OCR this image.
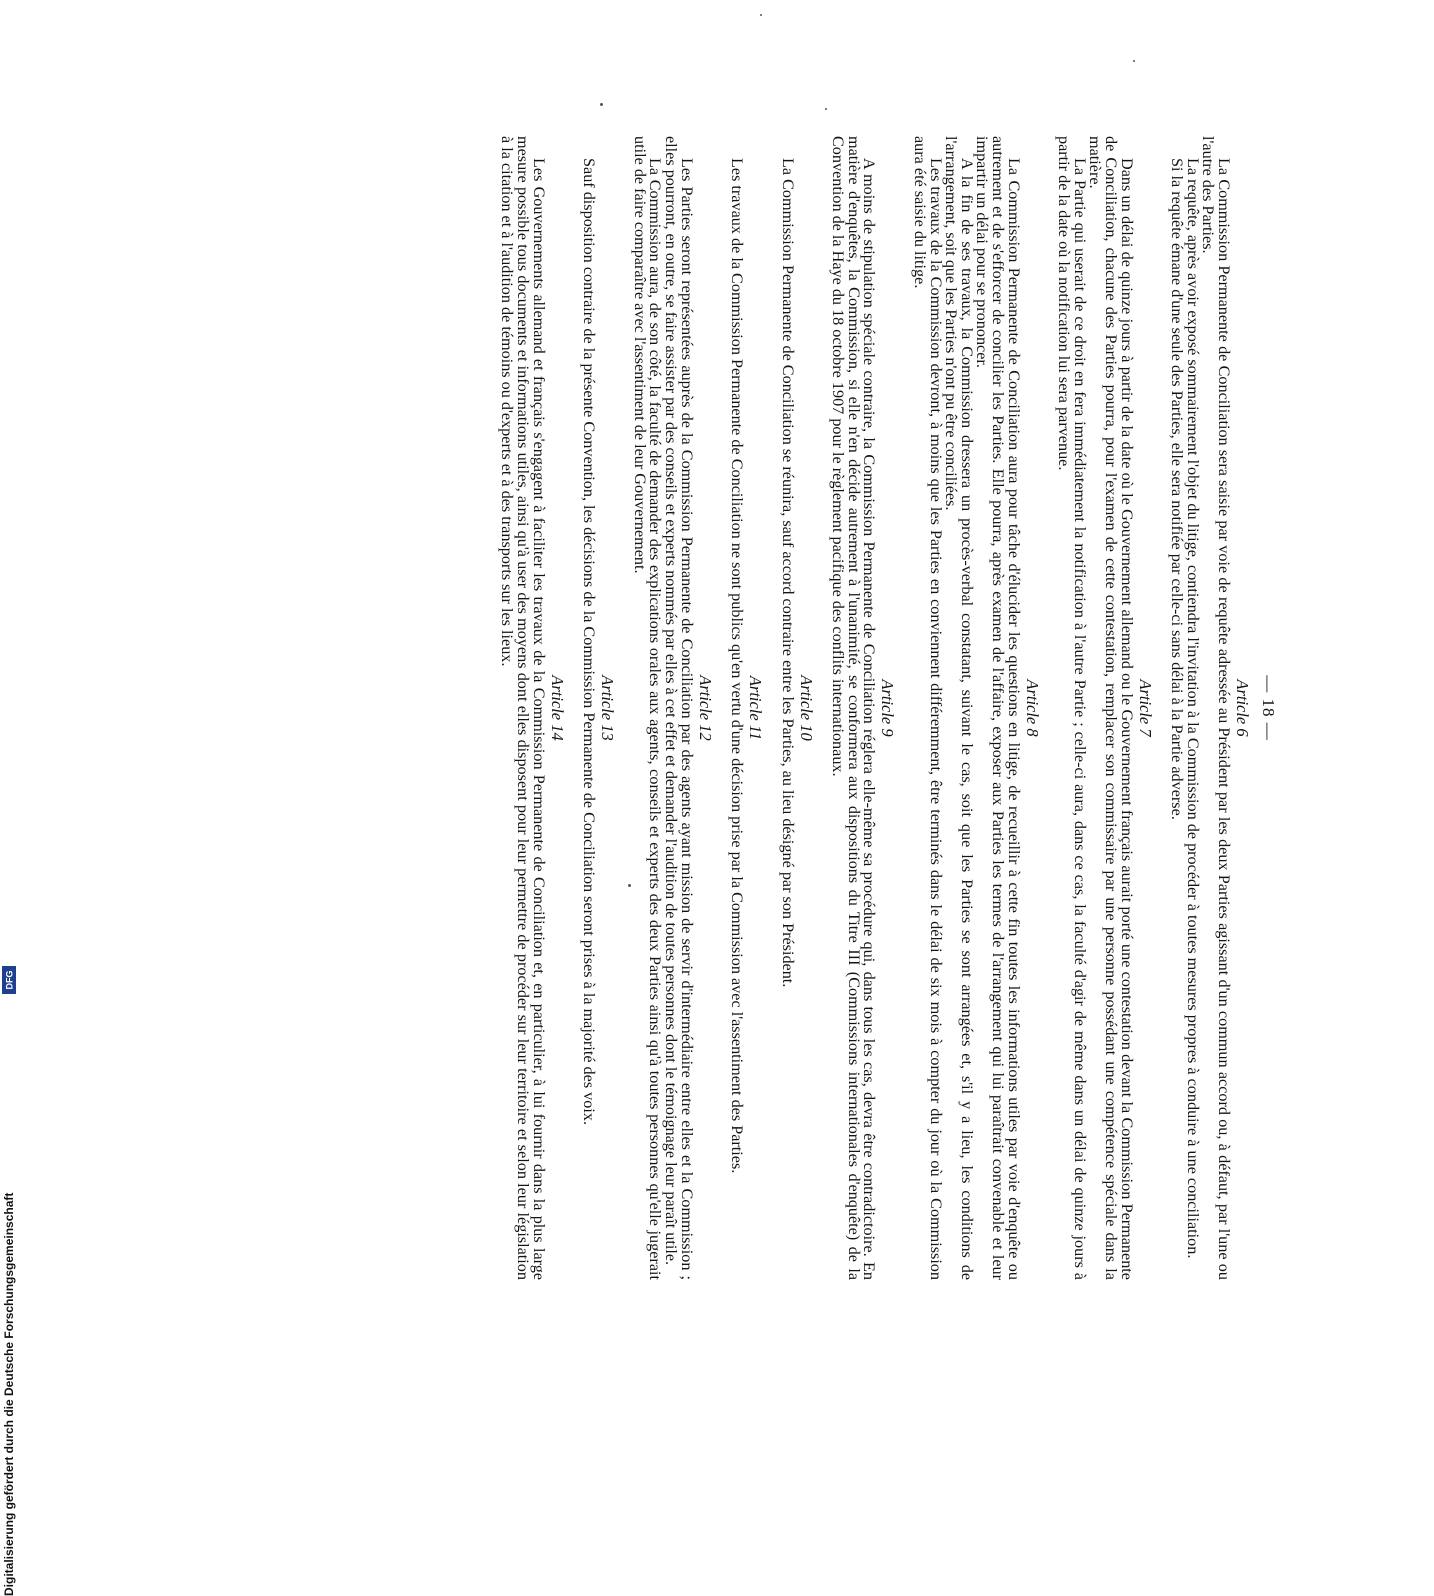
— 18 —
Article 6

La Commission Permanente de Conciliation sera saisie par voie de requête adressée au Président par les deux Parties agissant d'un commun accord ou, à défaut, par l'une ou l'autre des Parties.

La requête, après avoir exposé sommairement l'objet du litige, contiendra l'invitation à la Commission de procéder à toutes mesures propres à conduire à une conciliation.

Si la requête émane d'une seule des Parties, elle sera notifiée par celle-ci sans délai à la Partie adverse.

Article 7

Dans un délai de quinze jours à partir de la date où le Gouvernement allemand ou le Gouvernement français aurait porté une contestation devant la Commission Permanente de Conciliation, chacune des Parties pourra, pour l'examen de cette contestation, remplacer son commissaire par une personne possédant une compétence spéciale dans la matière.

La Partie qui userait de ce droit en fera immédiatement la notification à l'autre Partie ; celle-ci aura, dans ce cas, la faculté d'agir de même dans un délai de quinze jours à partir de la date où la notification lui sera parvenue.

Article 8

La Commission Permanente de Conciliation aura pour tâche d'élucider les questions en litige, de recueillir à cette fin toutes les informations utiles par voie d'enquête ou autrement et de s'efforcer de concilier les Parties. Elle pourra, après examen de l'affaire, exposer aux Parties les termes de l'arrangement qui lui paraîtrait convenable et leur impartir un délai pour se prononcer.

A la fin de ses travaux, la Commission dressera un procès-verbal constatant, suivant le cas, soit que les Parties se sont arrangées et, s'il y a lieu, les conditions de l'arrangement, soit que les Parties n'ont pu être conciliées.

Les travaux de la Commission devront, à moins que les Parties en conviennent différemment, être terminés dans le délai de six mois à compter du jour où la Commission aura été saisie du litige.

Article 9

A moins de stipulation spéciale contraire, la Commission Permanente de Conciliation réglera elle-même sa procédure qui, dans tous les cas, devra être contradictoire. En matière d'enquêtes, la Commission, si elle n'en décide autrement à l'unanimité, se conformera aux dispositions du Titre III (Commissions internationales d'enquête) de la Convention de la Haye du 18 octobre 1907 pour le règlement pacifique des conflits internationaux.

Article 10

La Commission Permanente de Conciliation se réunira, sauf accord contraire entre les Parties, au lieu désigné par son Président.

Article 11

Les travaux de la Commission Permanente de Conciliation ne sont publics qu'en vertu d'une décision prise par la Commission avec l'assentiment des Parties.

Article 12

Les Parties seront représentées auprès de la Commission Permanente de Conciliation par des agents ayant mission de servir d'intermédiaire entre elles et la Commission ; elles pourront, en outre, se faire assister par des conseils et experts nommés par elles à cet effet et demander l'audition de toutes personnes dont le témoignage leur paraît utile.

La Commission aura, de son côté, la faculté de demander des explications orales aux agents, conseils et experts des deux Parties ainsi qu'à toutes personnes qu'elle jugerait utile de faire comparaître avec l'assentiment de leur Gouvernement.

Article 13

Sauf disposition contraire de la présente Convention, les décisions de la Commission Permanente de Conciliation seront prises à la majorité des voix.

Article 14

Les Gouvernements allemand et français s'engagent à faciliter les travaux de la Commission Permanente de Conciliation et, en particulier, à lui fournir dans la plus large mesure possible tous documents et informations utiles, ainsi qu'à user des moyens dont elles disposent pour leur permettre de procéder sur leur territoire et selon leur législation à la citation et à l'audition de témoins ou d'experts et à des transports sur les lieux.

Digitalisierung gefördert durch die Deutsche Forschungsgemeinschaft
DFG
